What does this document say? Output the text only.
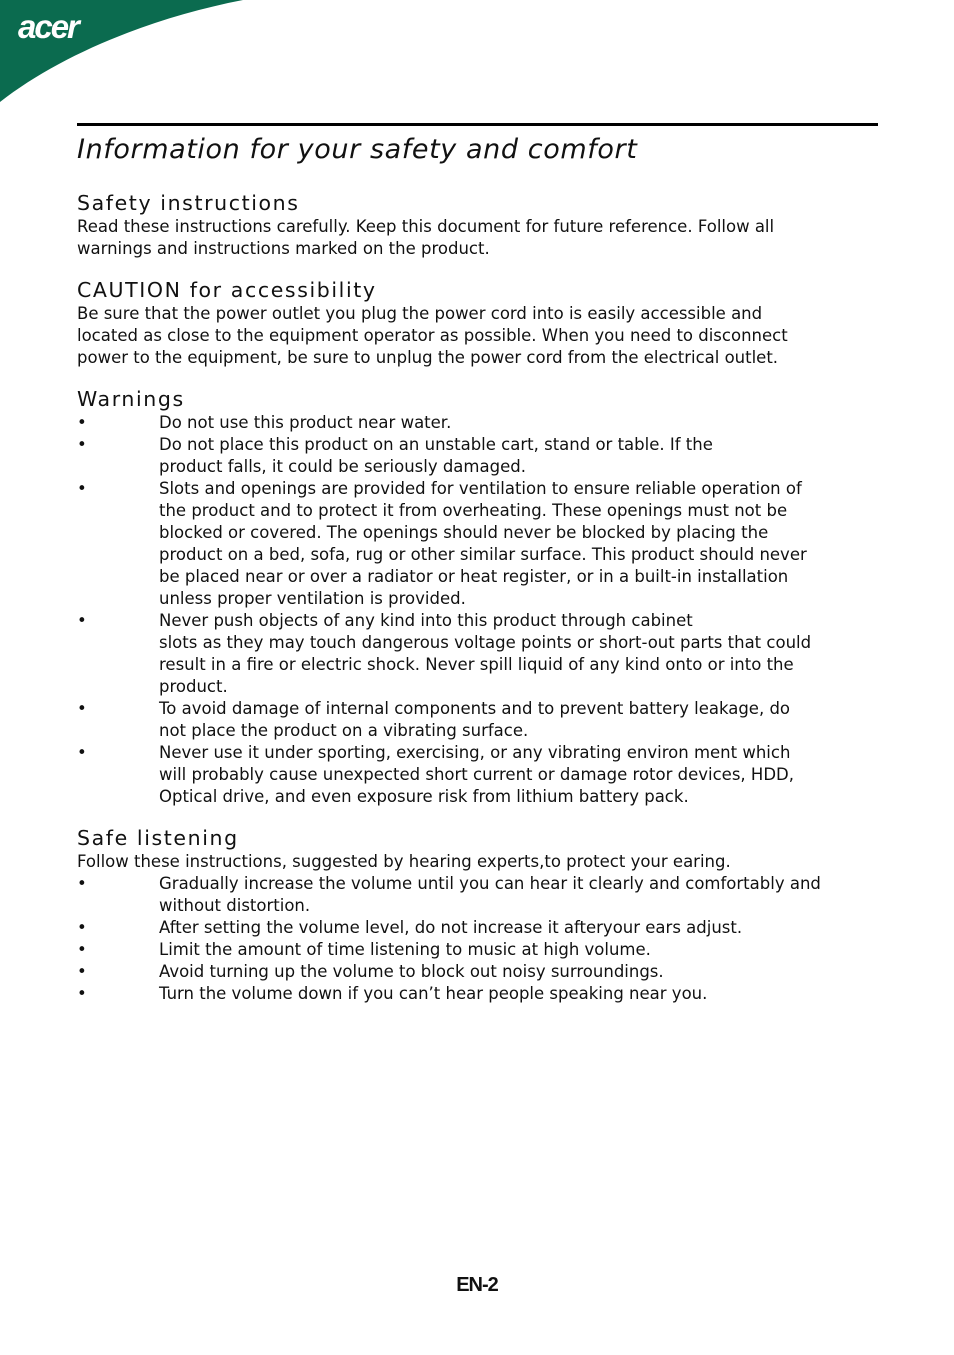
acer
Information for your safety and comfort
Safety instructions

Read these instructions carefully. Keep this document for future reference. Follow all

warnings and instructions marked on the product.

CAUTION for accessibility

Be sure that the power outlet you plug the power cord into is easily accessible and

located as close to the equipment operator as possible. When you need to disconnect

power to the equipment, be sure to unplug the power cord from the electrical outlet.

Warnings
•	Do not use this product near water.
•	Do not place this product on an unstable cart, stand or table. If the
product falls, it could be seriously damaged.
•	Slots and openings are provided for ventilation to ensure reliable operation of
the product and to protect it from overheating. These openings must not be
blocked or covered. The openings should never be blocked by placing the
product on a bed, sofa, rug or other similar surface. This product should never
be placed near or over a radiator or heat register, or in a built-in installation
unless proper ventilation is provided.
•	Never push objects of any kind into this product through cabinet
slots as they may touch dangerous voltage points or short-out parts that could
result in a fire or electric shock. Never spill liquid of any kind onto or into the
product.
•	To avoid damage of internal components and to prevent battery leakage, do
not place the product on a vibrating surface.
•	Never use it under sporting, exercising, or any vibrating environ ment which
will probably cause unexpected short current or damage rotor devices, HDD,
Optical drive, and even exposure risk from lithium battery pack.
Safe listening

Follow these instructions, suggested by hearing experts,to protect your earing.

•	Gradually increase the volume until you can hear it clearly and comfortably and
without distortion.
•	After setting the volume level, do not increase it afteryour ears adjust.
•	Limit the amount of time listening to music at high volume.
•	Avoid turning up the volume to block out noisy surroundings.
•	Turn the volume down if you can’t hear people speaking near you.
EN-2
